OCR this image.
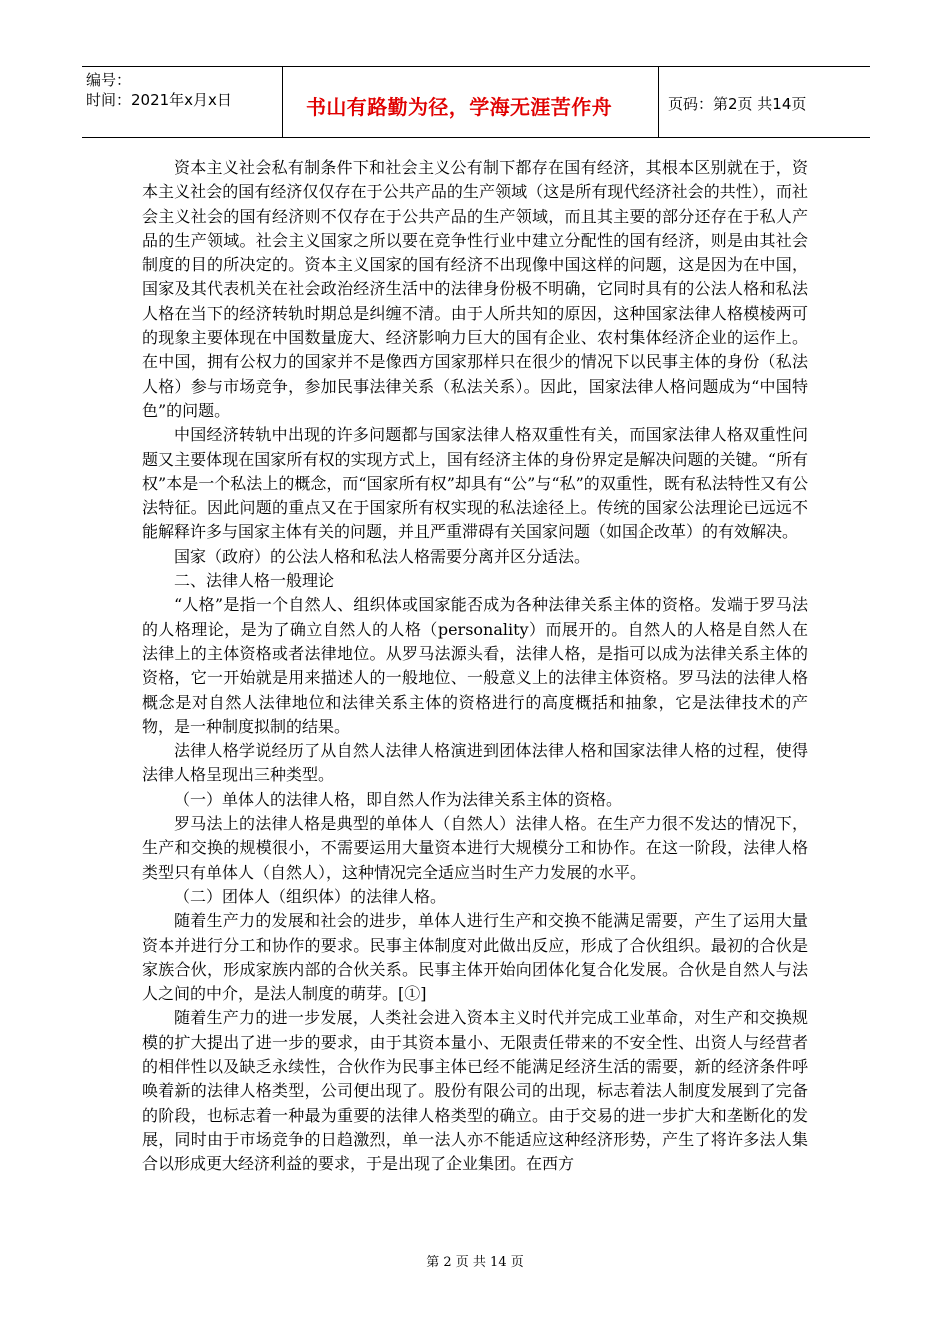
编号：
时间：2021年x月x日	书山有路勤为径，学海无涯苦作舟	页码：第2页 共14页

资本主义社会私有制条件下和社会主义公有制下都存在国有经济，其根本区别就在于，资本主义社会的国有经济仅仅存在于公共产品的生产领域（这是所有现代经济社会的共性），而社会主义社会的国有经济则不仅存在于公共产品的生产领域，而且其主要的部分还存在于私人产品的生产领域。社会主义国家之所以要在竞争性行业中建立分配性的国有经济，则是由其社会制度的目的所决定的。资本主义国家的国有经济不出现像中国这样的问题，这是因为在中国，国家及其代表机关在社会政治经济生活中的法律身份极不明确，它同时具有的公法人格和私法人格在当下的经济转轨时期总是纠缠不清。由于人所共知的原因，这种国家法律人格模棱两可的现象主要体现在中国数量庞大、经济影响力巨大的国有企业、农村集体经济企业的运作上。在中国，拥有公权力的国家并不是像西方国家那样只在很少的情况下以民事主体的身份（私法人格）参与市场竞争，参加民事法律关系（私法关系）。因此，国家法律人格问题成为“中国特色”的问题。

中国经济转轨中出现的许多问题都与国家法律人格双重性有关，而国家法律人格双重性问题又主要体现在国家所有权的实现方式上，国有经济主体的身份界定是解决问题的关键。“所有权”本是一个私法上的概念，而“国家所有权”却具有“公”与“私”的双重性，既有私法特性又有公法特征。因此问题的重点又在于国家所有权实现的私法途径上。传统的国家公法理论已远远不能解释许多与国家主体有关的问题，并且严重滞碍有关国家问题（如国企改革）的有效解决。

国家（政府）的公法人格和私法人格需要分离并区分适法。

二、法律人格一般理论

“人格”是指一个自然人、组织体或国家能否成为各种法律关系主体的资格。发端于罗马法的人格理论，是为了确立自然人的人格（personality）而展开的。自然人的人格是自然人在法律上的主体资格或者法律地位。从罗马法源头看，法律人格，是指可以成为法律关系主体的资格，它一开始就是用来描述人的一般地位、一般意义上的法律主体资格。罗马法的法律人格概念是对自然人法律地位和法律关系主体的资格进行的高度概括和抽象，它是法律技术的产物，是一种制度拟制的结果。

法律人格学说经历了从自然人法律人格演进到团体法律人格和国家法律人格的过程，使得法律人格呈现出三种类型。

（一）单体人的法律人格，即自然人作为法律关系主体的资格。

罗马法上的法律人格是典型的单体人（自然人）法律人格。在生产力很不发达的情况下，生产和交换的规模很小，不需要运用大量资本进行大规模分工和协作。在这一阶段，法律人格类型只有单体人（自然人），这种情况完全适应当时生产力发展的水平。

（二）团体人（组织体）的法律人格。

随着生产力的发展和社会的进步，单体人进行生产和交换不能满足需要，产生了运用大量资本并进行分工和协作的要求。民事主体制度对此做出反应，形成了合伙组织。最初的合伙是家族合伙，形成家族内部的合伙关系。民事主体开始向团体化复合化发展。合伙是自然人与法人之间的中介，是法人制度的萌芽。[①]

随着生产力的进一步发展，人类社会进入资本主义时代并完成工业革命，对生产和交换规模的扩大提出了进一步的要求，由于其资本量小、无限责任带来的不安全性、出资人与经营者的相伴性以及缺乏永续性，合伙作为民事主体已经不能满足经济生活的需要，新的经济条件呼唤着新的法律人格类型，公司便出现了。股份有限公司的出现，标志着法人制度发展到了完备的阶段，也标志着一种最为重要的法律人格类型的确立。由于交易的进一步扩大和垄断化的发展，同时由于市场竞争的日趋激烈，单一法人亦不能适应这种经济形势，产生了将许多法人集合以形成更大经济利益的要求，于是出现了企业集团。在西方

第 2 页 共 14 页
